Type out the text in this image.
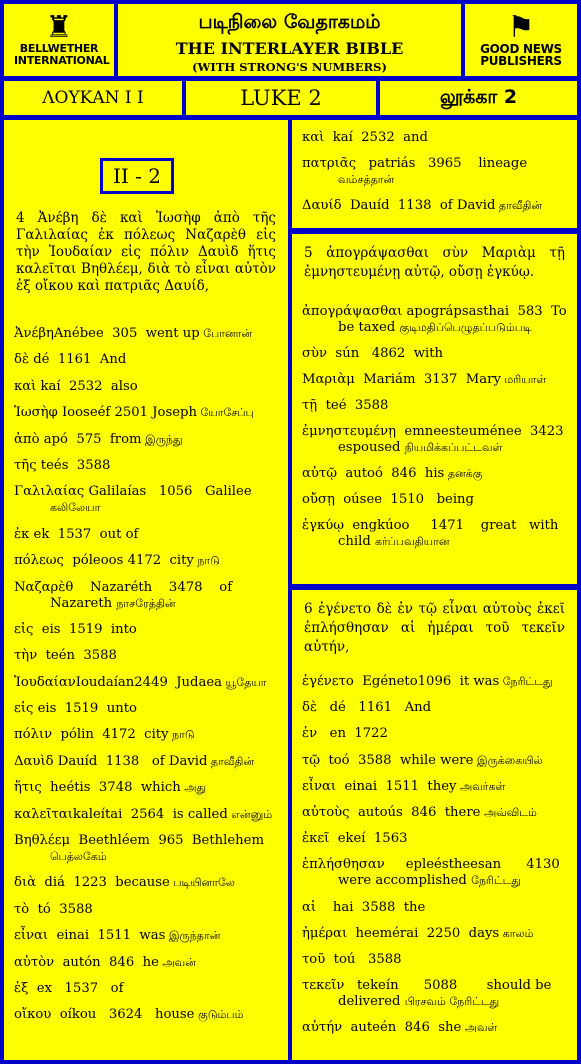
♜
BELLWETHER INTERNATIONAL
படிநிலை வேதாகமம்
THE INTERLAYER BIBLE
(WITH STRONG'S NUMBERS)
⚑
GOOD NEWS PUBLISHERS
ΛΟΥΚΑΝ I I	LUKE 2	லூக்கா 2
II - 2
4 Ἀνέβη δὲ καὶ Ἰωσὴφ ἀπὸ τῆς Γαλιλαίας ἐκ πόλεως Ναζαρὲθ εἰς τὴν Ἰουδαίαν εἰς πόλιν Δαυὶδ ἥτις καλεῖται Βηθλέεμ, διὰ τὸ εἶναι αὐτὸν ἐξ οἴκου καὶ πατριᾶς Δαυίδ,
ἈνέβηAnébee  305  went up போனான்
δὲ dé  1161  And
καὶ kaí  2532  also
Ἰωσὴφ Iooseéf 2501 Joseph யோசேப்பு
ἀπὸ apó  575  from இருந்து
τῆς teés  3588
Γαλιλαίας Galilaías   1056   Galilee
கலிலேயா
ἐκ ek  1537  out of
πόλεως  póleoos 4172  city நாடு
Ναζαρὲθ    Nazaréth    3478    of
Nazareth நாசரேத்தின்
εἰς  eis  1519  into
τὴν  teén  3588
ἸουδαίανIoudaían2449  Judaea யூதேயா
εἰς eis  1519  unto
πόλιν  pólin  4172  city நாடு
Δαυὶδ Dauíd  1138   of David தாவீதின்
ἥτις  heétis  3748  which அது
καλεῖταιkaleítai  2564  is called என்னும்
Βηθλέεμ  Beethléem  965  Bethlehem
பெத்லகேம்
διὰ  diá  1223  because படியினாலே
τὸ  tó  3588
εἶναι  einai  1511  was இருந்தான்
αὐτὸν  autón  846  he அவன்
ἐξ  ex   1537   of
οἴκου  oíkou   3624   house குடும்பம்
καὶ  kaí  2532  and
πατριᾶς   patriás   3965    lineage
வம்சத்தான்
Δαυίδ  Dauíd  1138  of David தாவீதின்
5 ἀπογράψασθαι σὺν Μαριὰμ τῇ ἐμνηστευμένῃ αὐτῷ, οὔσῃ ἐγκύῳ.
ἀπογράψασθαι apográpsasthai  583  To
be taxed குடிமதிப்பெழுதப்படும்படி
σὺν  sún   4862  with
Μαριὰμ  Mariám  3137  Mary மரியாள்
τῇ  teé  3588
ἐμνηστευμένῃ  emneesteuménee  3423
espoused நியமிக்கப்பட்டவள்
αὐτῷ  autoó  846  his தனக்கு
οὔσῃ  oúsee  1510   being
ἐγκύῳ  engkúoo     1471    great   with
child கர்ப்பவதியான
6 ἐγένετο δὲ ἐν τῷ εἶναι αὐτοὺς ἐκεῖ ἐπλήσθησαν αἱ ἡμέραι τοῦ τεκεῖν αὐτήν,
ἐγένετο  Egéneto1096  it was நேரிட்டது
δὲ   dé   1161   And
ἐν   en  1722
τῷ  toó  3588  while were இருக்கையில்
εἶναι  einai  1511  they அவர்கள்
αὐτοὺς  autoús  846  there அவ்விடம்
ἐκεῖ  ekeí  1563
ἐπλήσθησαν     epleéstheesan      4130
were accomplished நேரிட்டது
αἱ    hai  3588  the
ἡμέραι  heemérai  2250  days காலம்
τοῦ  toú   3588
τεκεῖν   tekeín      5088       should be
delivered பிரசவம் நேரிட்டது
αὐτήν  auteén  846  she அவள்
